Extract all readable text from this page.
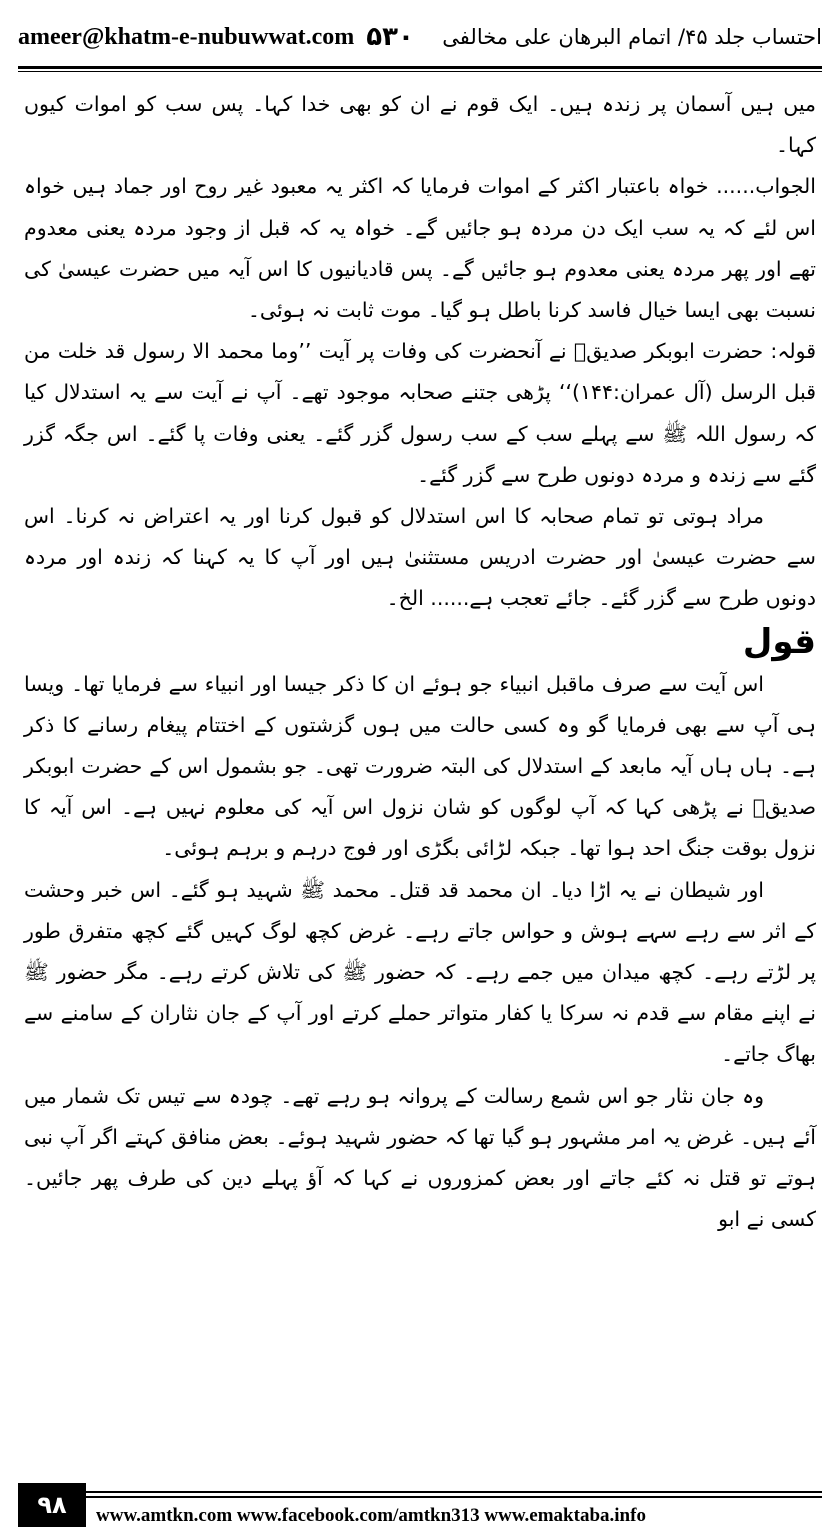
ameer@khatm-e-nubuwwat.com ۵۳۰ احتساب جلد ۴۵/ اتمام البرهان علی مخالفی

میں ہیں آسمان پر زندہ ہیں۔ ایک قوم نے ان کو بھی خدا کہا۔ پس سب کو اموات کیوں کہا۔

الجواب...... خواہ باعتبار اکثر کے اموات فرمایا کہ اکثر یہ معبود غیر روح اور جماد ہیں خواہ اس لئے کہ یہ سب ایک دن مردہ ہو جائیں گے۔ خواہ یہ کہ قبل از وجود مردہ یعنی معدوم تھے اور پھر مردہ یعنی معدوم ہو جائیں گے۔ پس قادیانیوں کا اس آیہ میں حضرت عیسیٰ کی نسبت بھی ایسا خیال فاسد کرنا باطل ہو گیا۔ موت ثابت نہ ہوئی۔

قولہ: حضرت ابوبکر صدیقؓ نے آنحضرت کی وفات پر آیت ’’وما محمد الا رسول قد خلت من قبل الرسل (آل عمران:۱۴۴)‘‘ پڑھی جتنے صحابہ موجود تھے۔ آپ نے آیت سے یہ استدلال کیا کہ رسول اللہ ﷺ سے پہلے سب کے سب رسول گزر گئے۔ یعنی وفات پا گئے۔ اس جگہ گزر گئے سے زندہ و مردہ دونوں طرح سے گزر گئے۔

مراد ہوتی تو تمام صحابہ کا اس استدلال کو قبول کرنا اور یہ اعتراض نہ کرنا۔ اس سے حضرت عیسیٰ اور حضرت ادریس مستثنیٰ ہیں اور آپ کا یہ کہنا کہ زندہ اور مردہ دونوں طرح سے گزر گئے۔ جائے تعجب ہے...... الخ۔

قول

اس آیت سے صرف ماقبل انبیاء جو ہوئے ان کا ذکر جیسا اور انبیاء سے فرمایا تھا۔ ویسا ہی آپ سے بھی فرمایا گو وہ کسی حالت میں ہوں گزشتوں کے اختتام پیغام رسانے کا ذکر ہے۔ ہاں ہاں آیہ مابعد کے استدلال کی البتہ ضرورت تھی۔ جو بشمول اس کے حضرت ابوبکر صدیقؓ نے پڑھی کہا کہ آپ لوگوں کو شان نزول اس آیہ کی معلوم نہیں ہے۔ اس آیہ کا نزول بوقت جنگ احد ہوا تھا۔ جبکہ لڑائی بگڑی اور فوج درہم و برہم ہوئی۔

اور شیطان نے یہ اڑا دیا۔ ان محمد قد قتل۔ محمد ﷺ شہید ہو گئے۔ اس خبر وحشت کے اثر سے رہے سہے ہوش و حواس جاتے رہے۔ غرض کچھ لوگ کہیں گئے کچھ متفرق طور پر لڑتے رہے۔ کچھ میدان میں جمے رہے۔ کہ حضور ﷺ کی تلاش کرتے رہے۔ مگر حضور ﷺ نے اپنے مقام سے قدم نہ سرکا یا کفار متواتر حملے کرتے اور آپ کے جان نثاران کے سامنے سے بھاگ جاتے۔

وہ جان نثار جو اس شمع رسالت کے پروانہ ہو رہے تھے۔ چودہ سے تیس تک شمار میں آئے ہیں۔ غرض یہ امر مشہور ہو گیا تھا کہ حضور شہید ہوئے۔ بعض منافق کہتے اگر آپ نبی ہوتے تو قتل نہ کئے جاتے اور بعض کمزوروں نے کہا کہ آؤ پہلے دین کی طرف پھر جائیں۔ کسی نے ابو

۹۸	www.amtkn.com www.facebook.com/amtkn313 www.emaktaba.info
